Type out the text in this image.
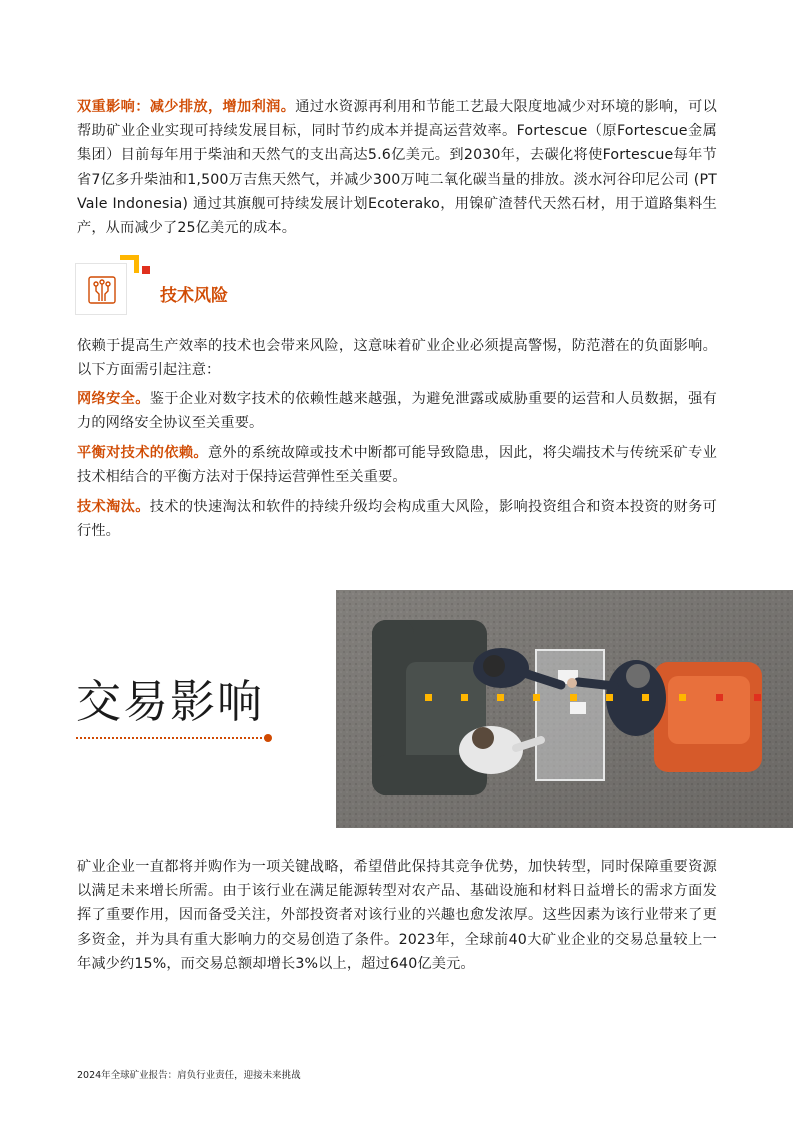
双重影响：减少排放，增加利润。通过水资源再利用和节能工艺最大限度地减少对环境的影响，可以帮助矿业企业实现可持续发展目标，同时节约成本并提高运营效率。Fortescue（原Fortescue金属集团）目前每年用于柴油和天然气的支出高达5.6亿美元。到2030年，去碳化将使Fortescue每年节省7亿多升柴油和1,500万吉焦天然气，并减少300万吨二氧化碳当量的排放。淡水河谷印尼公司 (PT Vale Indonesia) 通过其旗舰可持续发展计划Ecoterako，用镍矿渣替代天然石材，用于道路集料生产，从而减少了25亿美元的成本。

技术风险

依赖于提高生产效率的技术也会带来风险，这意味着矿业企业必须提高警惕，防范潜在的负面影响。以下方面需引起注意：

网络安全。鉴于企业对数字技术的依赖性越来越强，为避免泄露或威胁重要的运营和人员数据，强有力的网络安全协议至关重要。

平衡对技术的依赖。意外的系统故障或技术中断都可能导致隐患，因此，将尖端技术与传统采矿专业技术相结合的平衡方法对于保持运营弹性至关重要。

技术淘汰。技术的快速淘汰和软件的持续升级均会构成重大风险，影响投资组合和资本投资的财务可行性。

交易影响

矿业企业一直都将并购作为一项关键战略，希望借此保持其竞争优势，加快转型，同时保障重要资源以满足未来增长所需。由于该行业在满足能源转型对农产品、基础设施和材料日益增长的需求方面发挥了重要作用，因而备受关注，外部投资者对该行业的兴趣也愈发浓厚。这些因素为该行业带来了更多资金，并为具有重大影响力的交易创造了条件。2023年，全球前40大矿业企业的交易总量较上一年减少约15%，而交易总额却增长3%以上，超过640亿美元。

2024年全球矿业报告：肩负行业责任，迎接未来挑战
